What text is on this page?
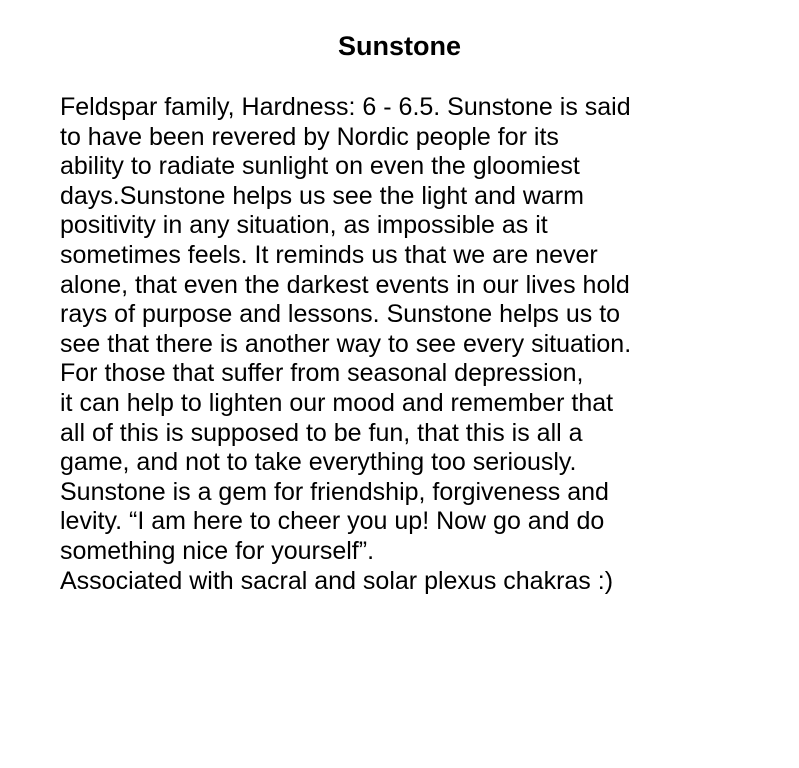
Sunstone
Feldspar family, Hardness: 6 - 6.5. Sunstone is said
to have been revered by Nordic people for its
ability to radiate sunlight on even the gloomiest
days.Sunstone helps us see the light and warm
positivity in any situation, as impossible as it
sometimes feels. It reminds us that we are never
alone, that even the darkest events in our lives hold
rays of purpose and lessons. Sunstone helps us to
see that there is another way to see every situation.
For those that suffer from seasonal depression,
it can help to lighten our mood and remember that
all of this is supposed to be fun, that this is all a
game, and not to take everything too seriously.
Sunstone is a gem for friendship, forgiveness and
levity. “I am here to cheer you up! Now go and do
something nice for yourself”.
Associated with sacral and solar plexus chakras :)
